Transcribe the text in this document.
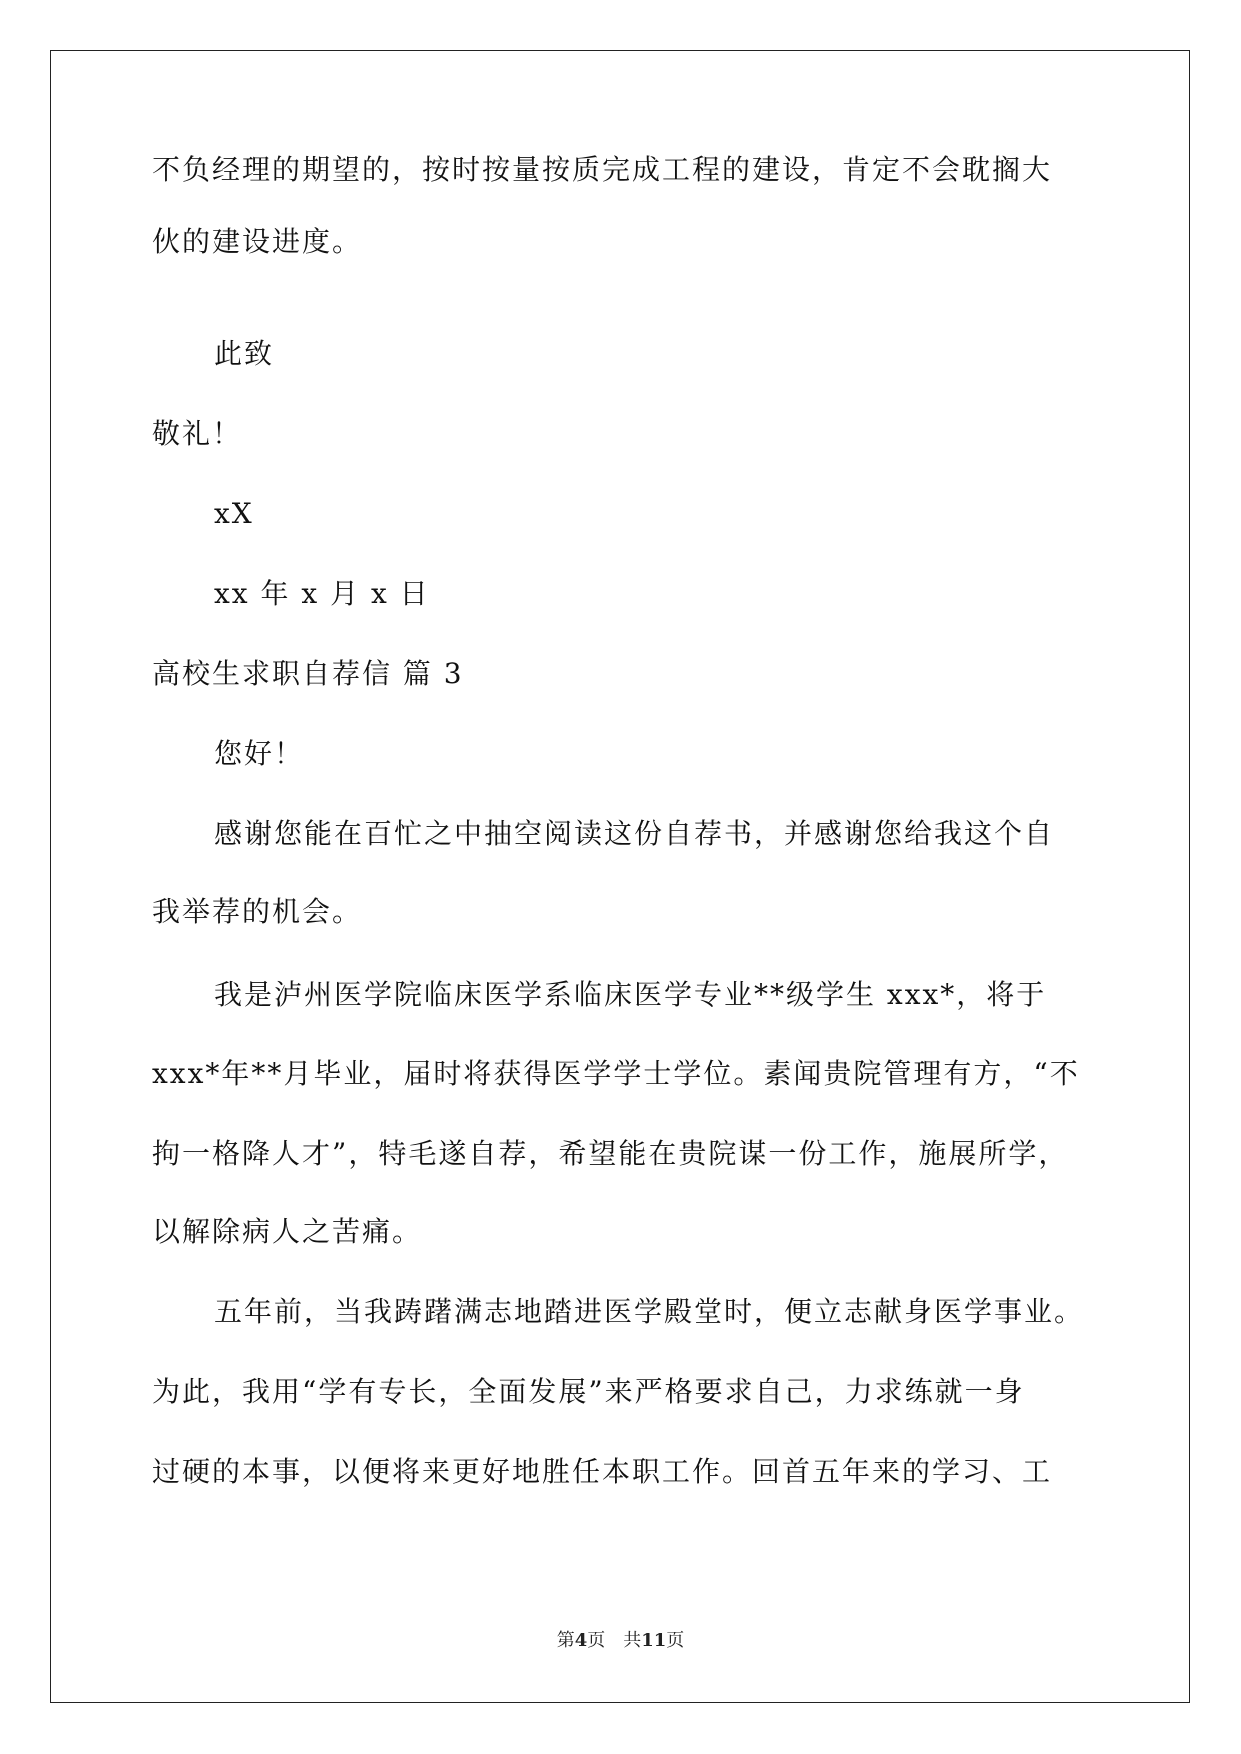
不负经理的期望的，按时按量按质完成工程的建设，肯定不会耽搁大
伙的建设进度。
此致
敬礼！
xX
xx 年 x 月 x 日
高校生求职自荐信 篇 3
您好！
感谢您能在百忙之中抽空阅读这份自荐书，并感谢您给我这个自
我举荐的机会。
我是泸州医学院临床医学系临床医学专业**级学生 xxx*，将于
xxx*年**月毕业，届时将获得医学学士学位。素闻贵院管理有方，“不
拘一格降人才”，特毛遂自荐，希望能在贵院谋一份工作，施展所学，
以解除病人之苦痛。
五年前，当我踌躇满志地踏进医学殿堂时，便立志献身医学事业。
为此，我用“学有专长，全面发展”来严格要求自己，力求练就一身
过硬的本事，以便将来更好地胜任本职工作。回首五年来的学习、工
第4页　共11页
